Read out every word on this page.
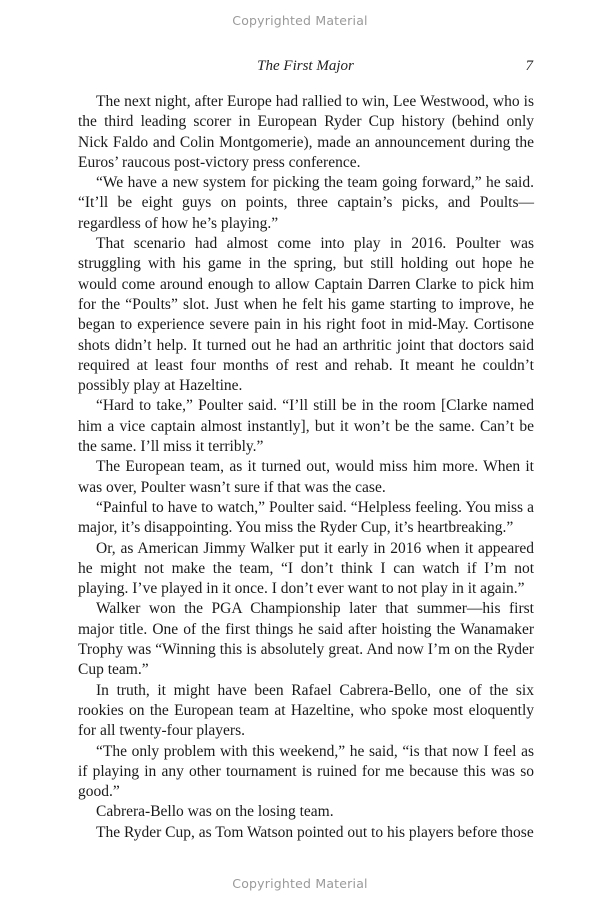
Copyrighted Material
The First Major	7

The next night, after Europe had rallied to win, Lee Westwood, who is the third leading scorer in European Ryder Cup history (behind only Nick Faldo and Colin Montgomerie), made an announcement during the Euros’ raucous post-victory press conference.

“We have a new system for picking the team going forward,” he said. “It’ll be eight guys on points, three captain’s picks, and Poults—regardless of how he’s playing.”

That scenario had almost come into play in 2016. Poulter was struggling with his game in the spring, but still holding out hope he would come around enough to allow Captain Darren Clarke to pick him for the “Poults” slot. Just when he felt his game starting to improve, he began to experience severe pain in his right foot in mid-May. Cortisone shots didn’t help. It turned out he had an arthritic joint that doctors said required at least four months of rest and rehab. It meant he couldn’t possibly play at Hazeltine.

“Hard to take,” Poulter said. “I’ll still be in the room [Clarke named him a vice captain almost instantly], but it won’t be the same. Can’t be the same. I’ll miss it terribly.”

The European team, as it turned out, would miss him more. When it was over, Poulter wasn’t sure if that was the case.

“Painful to have to watch,” Poulter said. “Helpless feeling. You miss a major, it’s disappointing. You miss the Ryder Cup, it’s heartbreaking.”

Or, as American Jimmy Walker put it early in 2016 when it appeared he might not make the team, “I don’t think I can watch if I’m not playing. I’ve played in it once. I don’t ever want to not play in it again.”

Walker won the PGA Championship later that summer—his first major title. One of the first things he said after hoisting the Wanamaker Trophy was “Winning this is absolutely great. And now I’m on the Ryder Cup team.”

In truth, it might have been Rafael Cabrera-Bello, one of the six rookies on the European team at Hazeltine, who spoke most eloquently for all twenty-four players.

“The only problem with this weekend,” he said, “is that now I feel as if playing in any other tournament is ruined for me because this was so good.”

Cabrera-Bello was on the losing team.

The Ryder Cup, as Tom Watson pointed out to his players before those

Copyrighted Material
